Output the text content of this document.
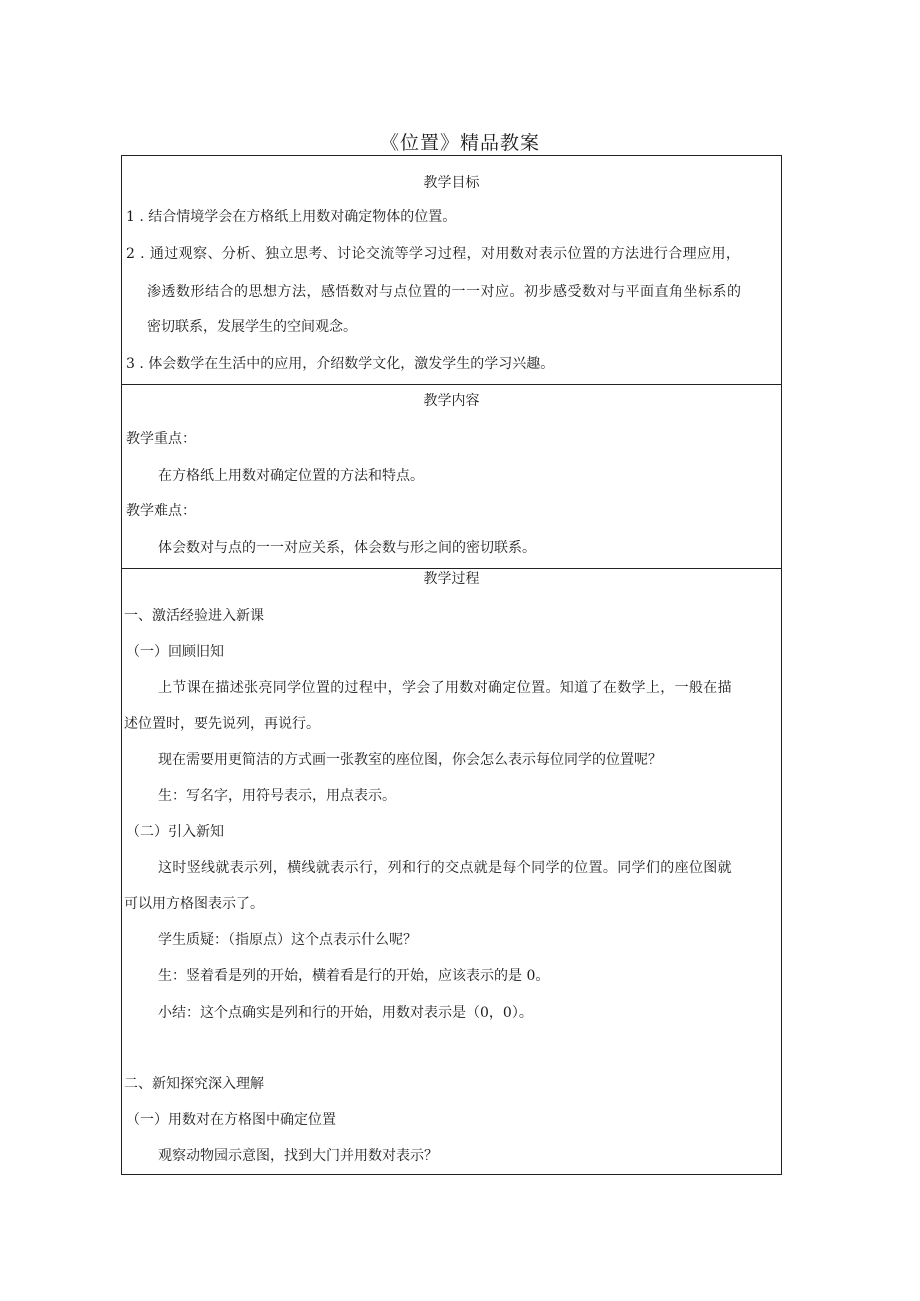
《位置》精品教案
教学目标
1 . 结合情境学会在方格纸上用数对确定物体的位置。
2 . 通过观察、分析、独立思考、讨论交流等学习过程，对用数对表示位置的方法进行合理应用，
渗透数形结合的思想方法，感悟数对与点位置的一一对应。初步感受数对与平面直角坐标系的
密切联系，发展学生的空间观念。
3 . 体会数学在生活中的应用，介绍数学文化，激发学生的学习兴趣。
教学内容
教学重点：
在方格纸上用数对确定位置的方法和特点。
教学难点：
体会数对与点的一一对应关系，体会数与形之间的密切联系。
教学过程
一、激活经验进入新课
（一）回顾旧知
上节课在描述张亮同学位置的过程中，学会了用数对确定位置。知道了在数学上，一般在描
述位置时，要先说列，再说行。
现在需要用更简洁的方式画一张教室的座位图，你会怎么表示每位同学的位置呢？
生：写名字，用符号表示，用点表示。
（二）引入新知
这时竖线就表示列，横线就表示行，列和行的交点就是每个同学的位置。同学们的座位图就
可以用方格图表示了。
学生质疑：（指原点）这个点表示什么呢？
生：竖着看是列的开始，横着看是行的开始，应该表示的是 0。
小结：这个点确实是列和行的开始，用数对表示是（0，0）。
二、新知探究深入理解
（一）用数对在方格图中确定位置
观察动物园示意图，找到大门并用数对表示？
